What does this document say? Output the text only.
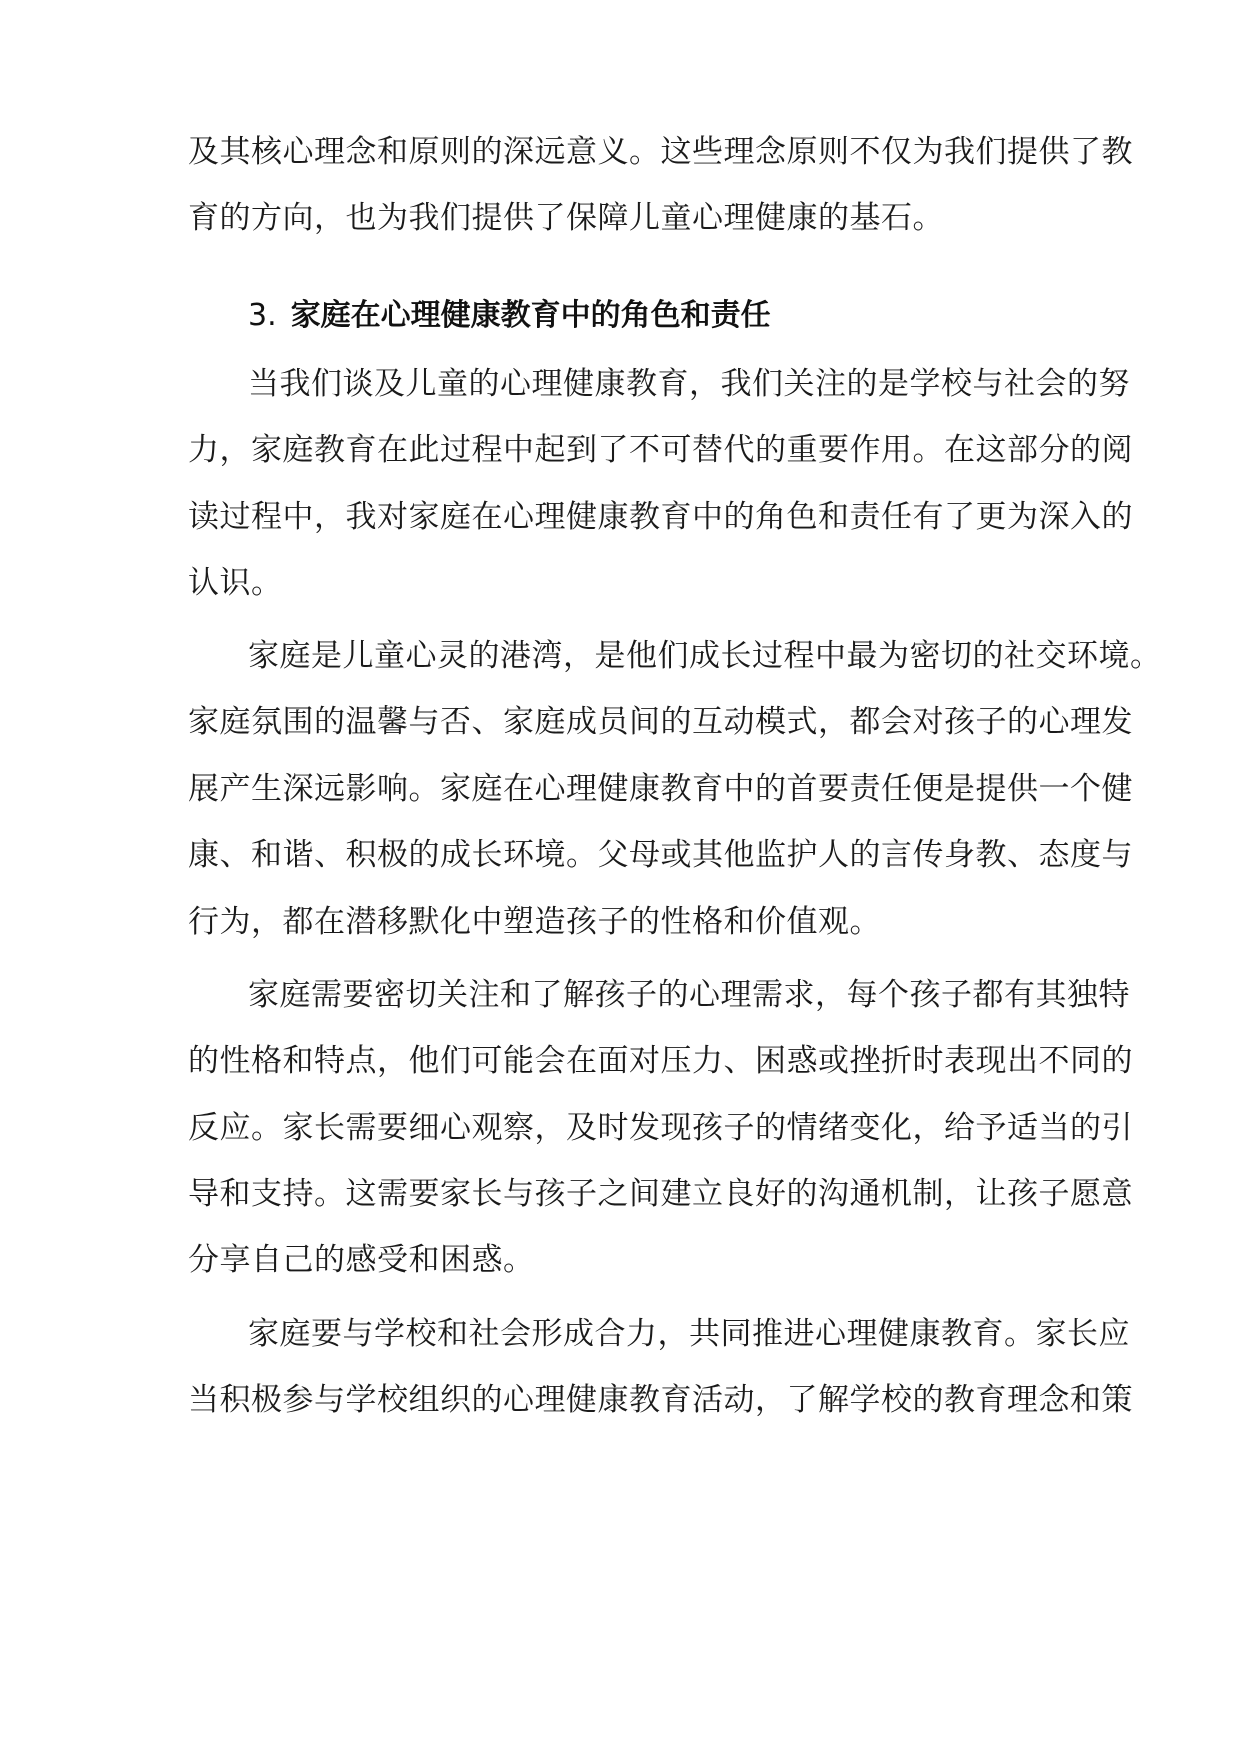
及其核心理念和原则的深远意义。这些理念原则不仅为我们提供了教
育的方向，也为我们提供了保障儿童心理健康的基石。
3. 家庭在心理健康教育中的角色和责任
当我们谈及儿童的心理健康教育，我们关注的是学校与社会的努
力，家庭教育在此过程中起到了不可替代的重要作用。在这部分的阅
读过程中，我对家庭在心理健康教育中的角色和责任有了更为深入的
认识。
家庭是儿童心灵的港湾，是他们成长过程中最为密切的社交环境。
家庭氛围的温馨与否、家庭成员间的互动模式，都会对孩子的心理发
展产生深远影响。家庭在心理健康教育中的首要责任便是提供一个健
康、和谐、积极的成长环境。父母或其他监护人的言传身教、态度与
行为，都在潜移默化中塑造孩子的性格和价值观。
家庭需要密切关注和了解孩子的心理需求，每个孩子都有其独特
的性格和特点，他们可能会在面对压力、困惑或挫折时表现出不同的
反应。家长需要细心观察，及时发现孩子的情绪变化，给予适当的引
导和支持。这需要家长与孩子之间建立良好的沟通机制，让孩子愿意
分享自己的感受和困惑。
家庭要与学校和社会形成合力，共同推进心理健康教育。家长应
当积极参与学校组织的心理健康教育活动，了解学校的教育理念和策
